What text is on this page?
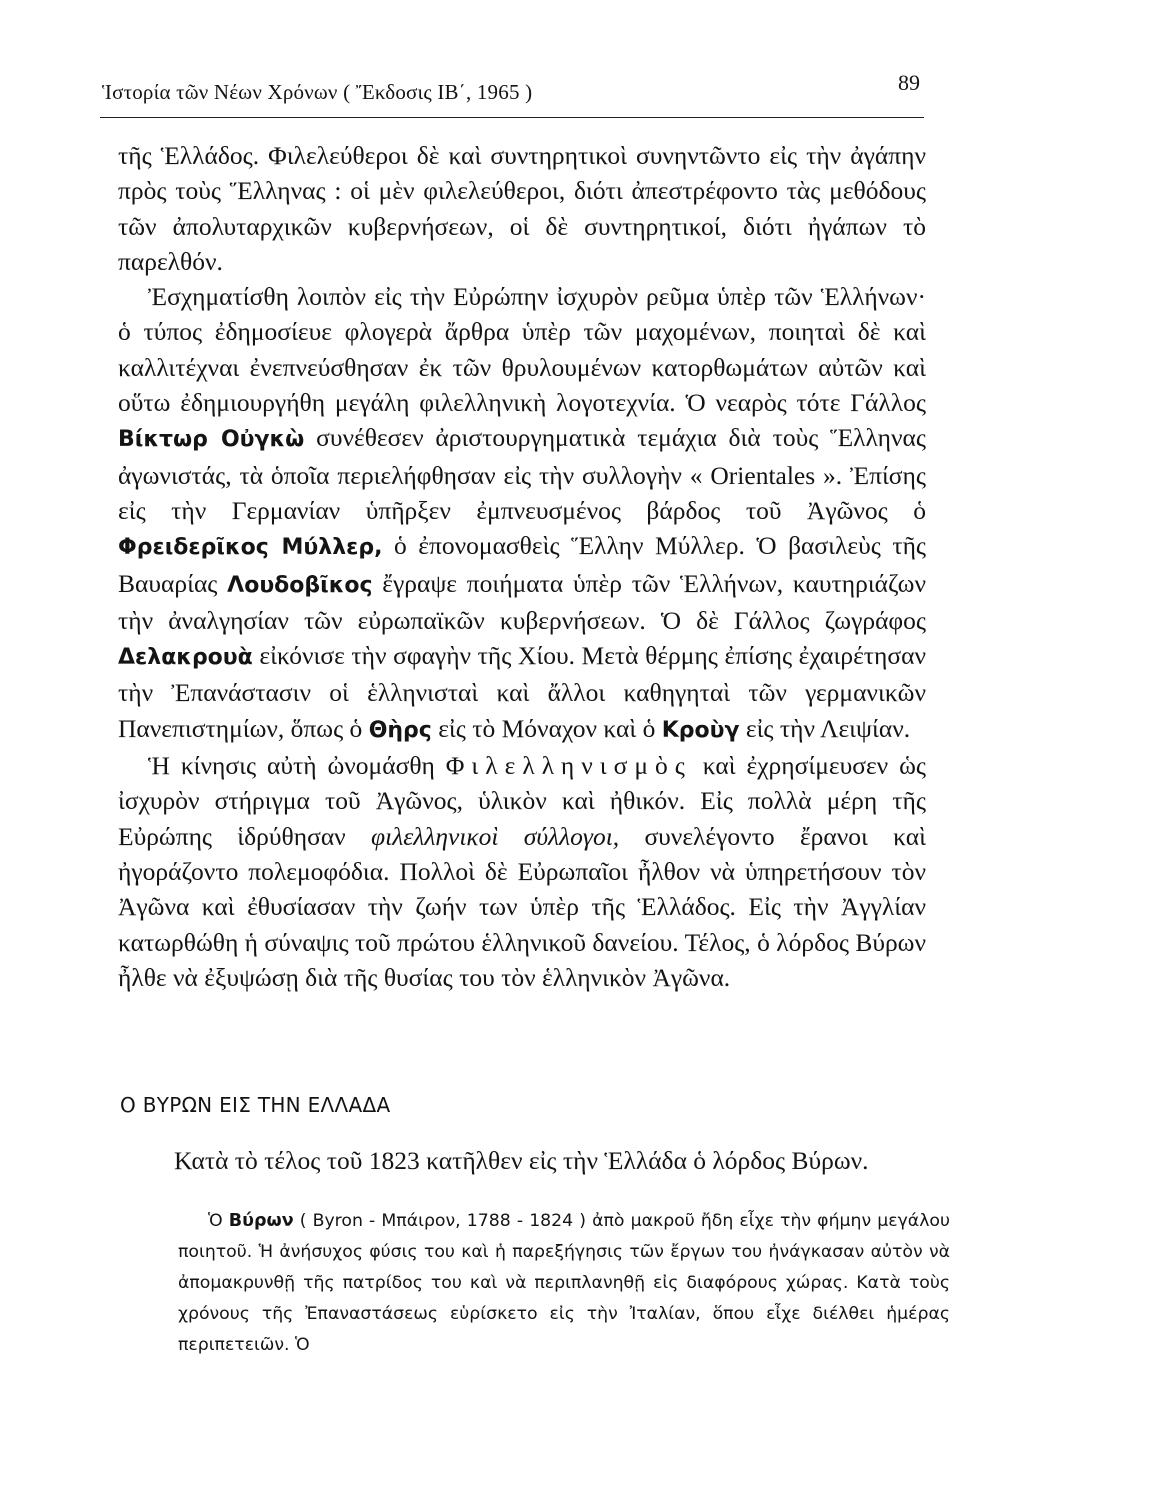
Ἱστορία τῶν Νέων Χρόνων ( Ἔκδοσις ΙΒ΄, 1965 )	89

τῆς Ἑλλάδος. Φιλελεύθεροι δὲ καὶ συντηρητικοὶ συνηντῶντο εἰς τὴν ἀγάπην πρὸς τοὺς Ἕλληνας : οἱ μὲν φιλελεύθεροι, διότι ἀπεστρέφοντο τὰς μεθόδους τῶν ἀπολυταρχικῶν κυβερνήσεων, οἱ δὲ συντηρητικοί, διότι ἠγάπων τὸ παρελθόν.

Ἐσχηματίσθη λοιπὸν εἰς τὴν Εὐρώπην ἰσχυρὸν ρεῦμα ὑπὲρ τῶν Ἑλλήνων· ὁ τύπος ἐδημοσίευε φλογερὰ ἄρθρα ὑπὲρ τῶν μαχομένων, ποιηταὶ δὲ καὶ καλλιτέχναι ἐνεπνεύσθησαν ἐκ τῶν θρυλουμένων κατορθωμάτων αὐτῶν καὶ οὕτω ἐδημιουργήθη μεγάλη φιλελληνικὴ λογοτεχνία. Ὁ νεαρὸς τότε Γάλλος Βίκτωρ Οὐγκὼ συνέθεσεν ἀριστουργηματικὰ τεμάχια διὰ τοὺς Ἕλληνας ἀγωνιστάς, τὰ ὁποῖα περιελήφθησαν εἰς τὴν συλλογὴν « Orientales ». Ἐπίσης εἰς τὴν Γερμανίαν ὑπῆρξεν ἐμπνευσμένος βάρδος τοῦ Ἀγῶνος ὁ Φρειδερῖκος Μύλλερ, ὁ ἐπονομασθεὶς Ἕλλην Μύλλερ. Ὁ βασιλεὺς τῆς Βαυαρίας Λουδοβῖκος ἔγραψε ποιήματα ὑπὲρ τῶν Ἑλλήνων, καυτηριάζων τὴν ἀναλγησίαν τῶν εὐρωπαϊκῶν κυβερνήσεων. Ὁ δὲ Γάλλος ζωγράφος Δελακρουὰ εἰκόνισε τὴν σφαγὴν τῆς Χίου. Μετὰ θέρμης ἐπίσης ἐχαιρέτησαν τὴν Ἐπανάστασιν οἱ ἑλληνισταὶ καὶ ἄλλοι καθηγηταὶ τῶν γερμανικῶν Πανεπιστημίων, ὅπως ὁ Θὴρς εἰς τὸ Μόναχον καὶ ὁ Κροὺγ εἰς τὴν Λειψίαν.

Ἡ κίνησις αὐτὴ ὠνομάσθη Φιλελληνισμὸς καὶ ἐχρησίμευσεν ὡς ἰσχυρὸν στήριγμα τοῦ Ἀγῶνος, ὑλικὸν καὶ ἠθικόν. Εἰς πολλὰ μέρη τῆς Εὐρώπης ἱδρύθησαν φιλελληνικοὶ σύλλογοι, συνελέγοντο ἔρανοι καὶ ἠγοράζοντο πολεμοφόδια. Πολλοὶ δὲ Εὐρωπαῖοι ἦλθον νὰ ὑπηρετήσουν τὸν Ἀγῶνα καὶ ἐθυσίασαν τὴν ζωήν των ὑπὲρ τῆς Ἑλλάδος. Εἰς τὴν Ἀγγλίαν κατωρθώθη ἡ σύναψις τοῦ πρώτου ἑλληνικοῦ δανείου. Τέλος, ὁ λόρδος Βύρων ἦλθε νὰ ἐξυψώσῃ διὰ τῆς θυσίας του τὸν ἑλληνικὸν Ἀγῶνα.

Ο ΒΥΡΩΝ ΕΙΣ ΤΗΝ ΕΛΛΑΔΑ

Κατὰ τὸ τέλος τοῦ 1823 κατῆλθεν εἰς τὴν Ἑλλάδα ὁ λόρδος Βύρων.

Ὁ Βύρων ( Byron - Μπάιρον, 1788 - 1824 ) ἀπὸ μακροῦ ἤδη εἶχε τὴν φήμην μεγάλου ποιητοῦ. Ἡ ἀνήσυχος φύσις του καὶ ἡ παρεξήγησις τῶν ἔργων του ἠνάγκασαν αὐτὸν νὰ ἀπομακρυνθῇ τῆς πατρίδος του καὶ νὰ περιπλανηθῇ εἰς διαφόρους χώρας. Κατὰ τοὺς χρόνους τῆς Ἐπαναστάσεως εὑρίσκετο εἰς τὴν Ἰταλίαν, ὅπου εἶχε διέλθει ἡμέρας περιπετειῶν. Ὁ
